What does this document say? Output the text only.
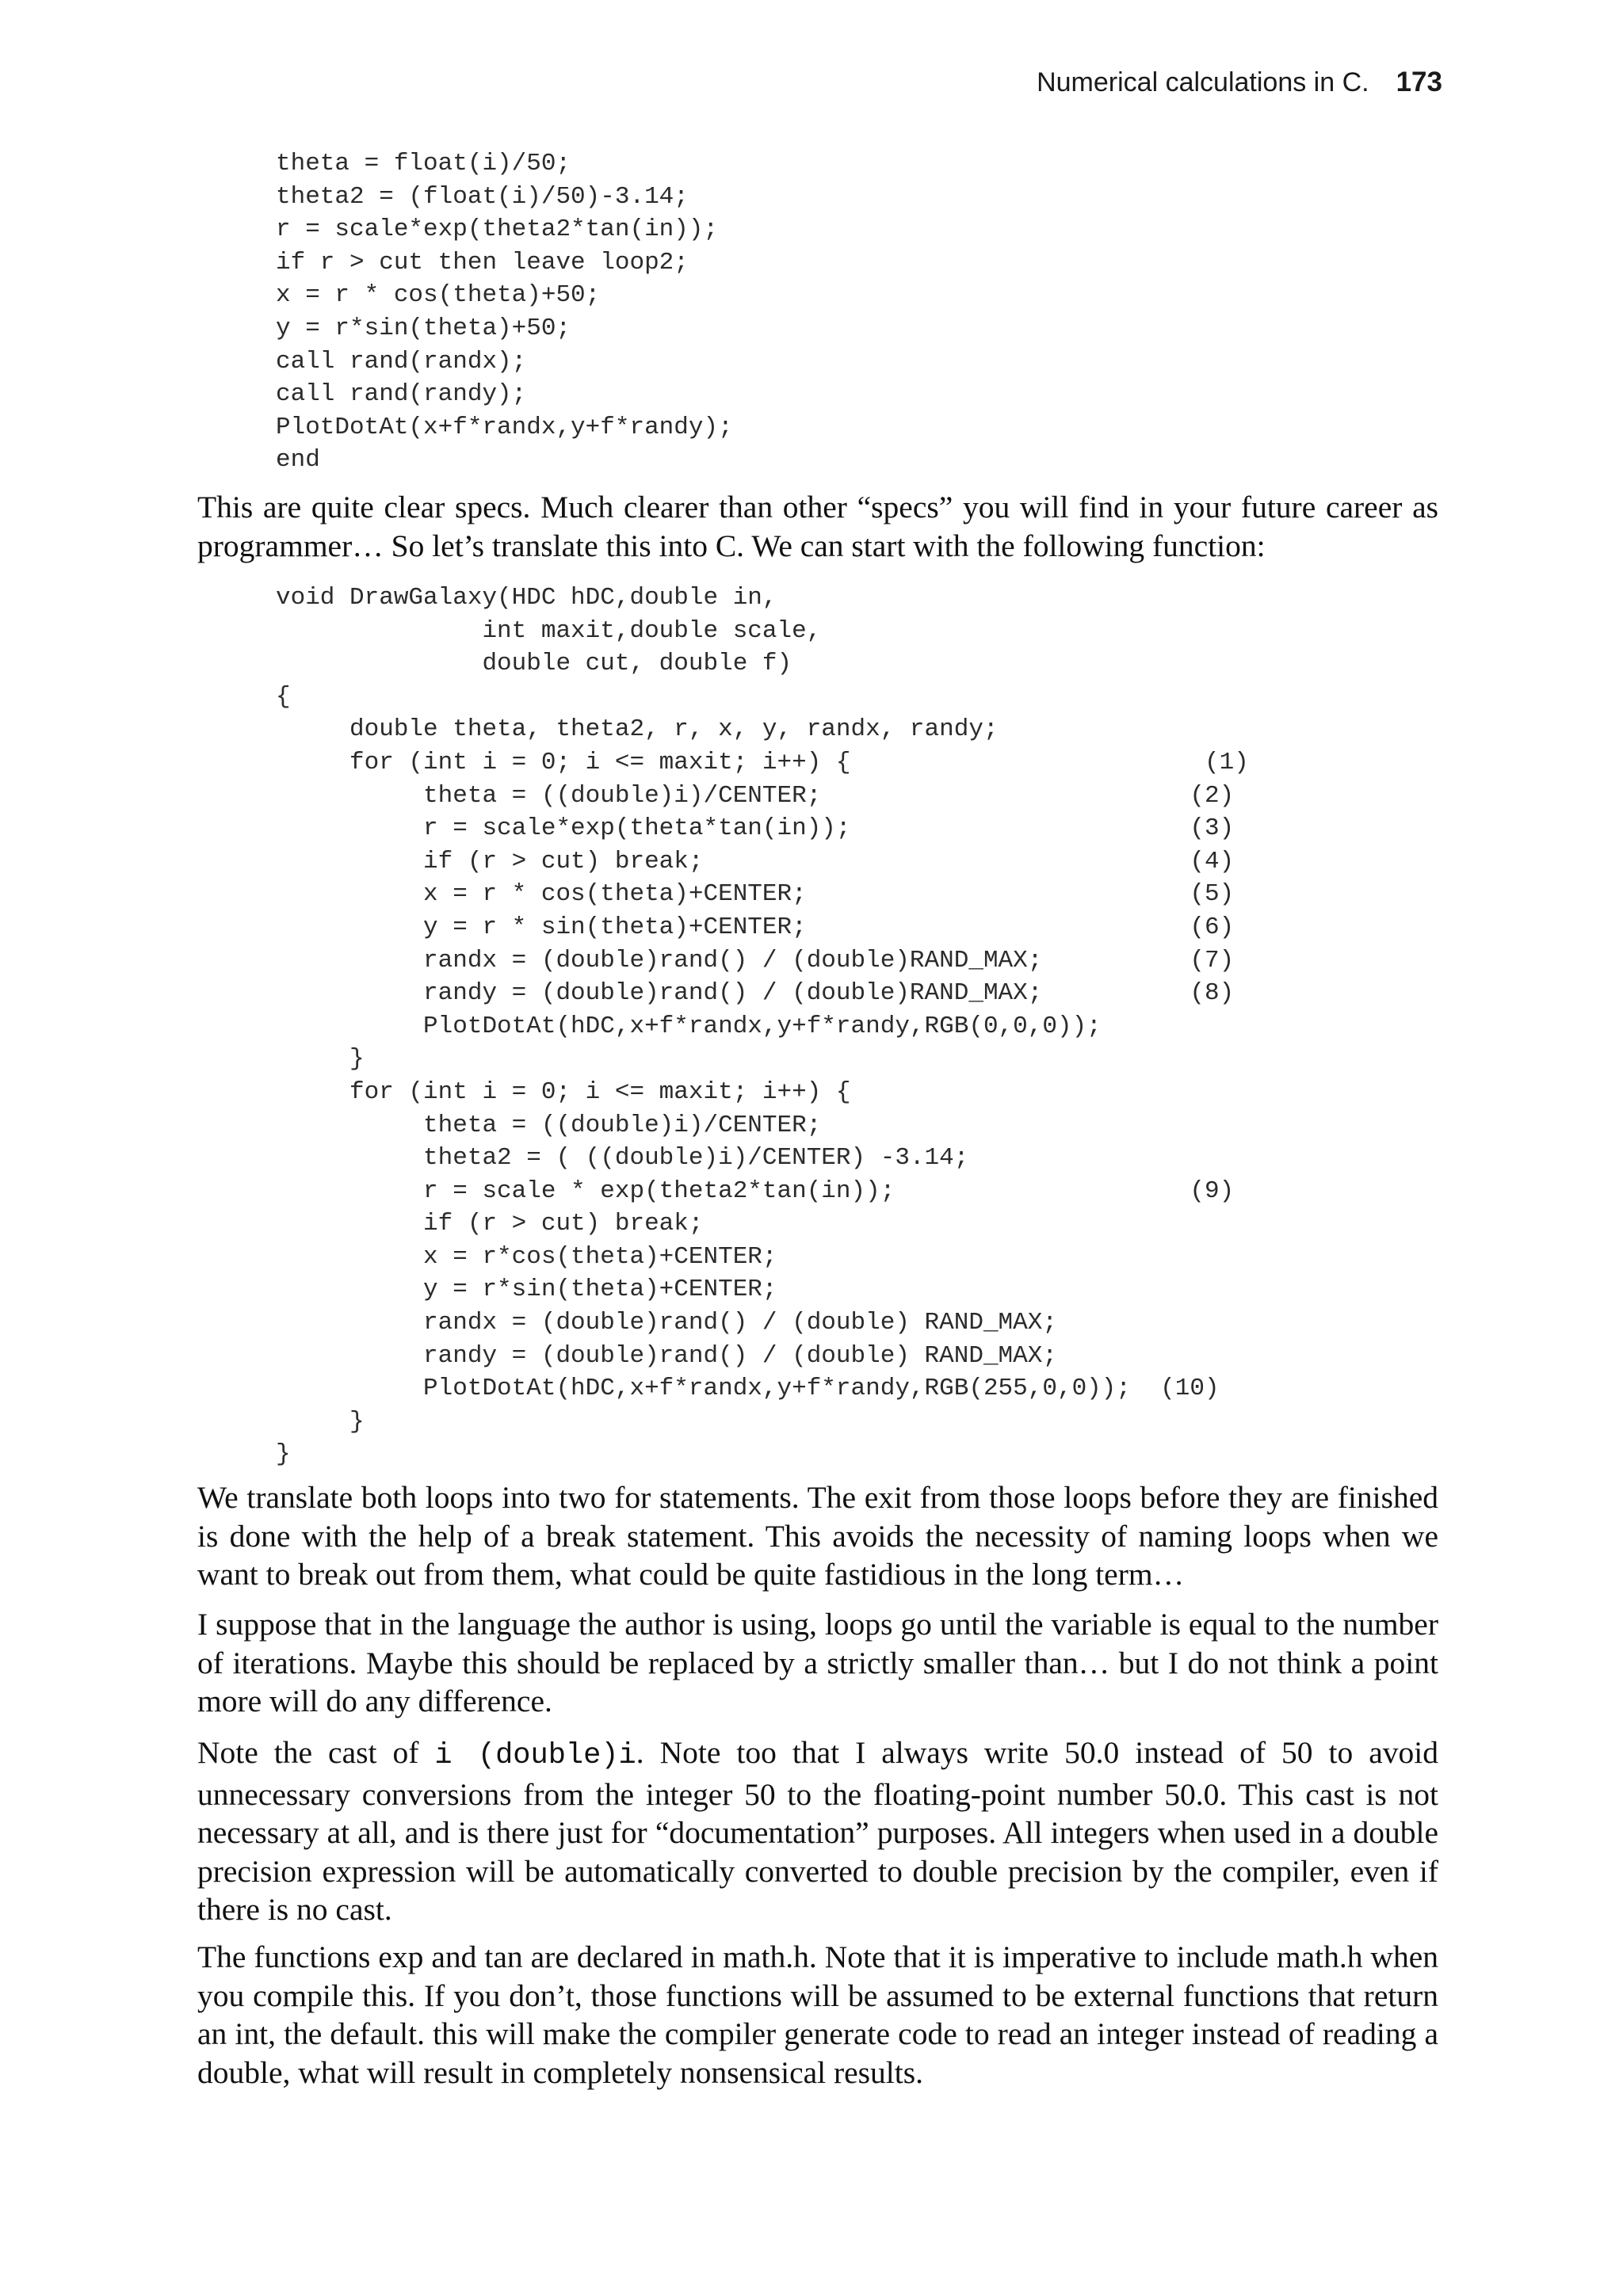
Numerical calculations in C. 173
theta = float(i)/50;
theta2 = (float(i)/50)-3.14;
r = scale*exp(theta2*tan(in));
if r > cut then leave loop2;
x = r * cos(theta)+50;
y = r*sin(theta)+50;
call rand(randx);
call rand(randy);
PlotDotAt(x+f*randx,y+f*randy);
end

This are quite clear specs. Much clearer than other “specs” you will find in your future career as programmer… So let’s translate this into C. We can start with the following function:

void DrawGalaxy(HDC hDC,double in,
int maxit,double scale,
double cut, double f)
{
double theta, theta2, r, x, y, randx, randy;
for (int i = 0; i <= maxit; i++) {                        (1)
theta = ((double)i)/CENTER;                         (2)
r = scale*exp(theta*tan(in));                       (3)
if (r > cut) break;                                 (4)
x = r * cos(theta)+CENTER;                          (5)
y = r * sin(theta)+CENTER;                          (6)
randx = (double)rand() / (double)RAND_MAX;          (7)
randy = (double)rand() / (double)RAND_MAX;          (8)
PlotDotAt(hDC,x+f*randx,y+f*randy,RGB(0,0,0));
}
for (int i = 0; i <= maxit; i++) {
theta = ((double)i)/CENTER;
theta2 = ( ((double)i)/CENTER) -3.14;
r = scale * exp(theta2*tan(in));                    (9)
if (r > cut) break;
x = r*cos(theta)+CENTER;
y = r*sin(theta)+CENTER;
randx = (double)rand() / (double) RAND_MAX;
randy = (double)rand() / (double) RAND_MAX;
PlotDotAt(hDC,x+f*randx,y+f*randy,RGB(255,0,0));  (10)
}
}

We translate both loops into two for statements. The exit from those loops before they are finished is done with the help of a break statement. This avoids the necessity of naming loops when we want to break out from them, what could be quite fastidious in the long term…

I suppose that in the language the author is using, loops go until the variable is equal to the number of iterations. Maybe this should be replaced by a strictly smaller than… but I do not think a point more will do any difference.

Note the cast of i (double)i. Note too that I always write 50.0 instead of 50 to avoid unnecessary conversions from the integer 50 to the floating-point number 50.0. This cast is not necessary at all, and is there just for “documentation” purposes. All integers when used in a double precision expression will be automatically converted to double precision by the compiler, even if there is no cast.

The functions exp and tan are declared in math.h. Note that it is imperative to include math.h when you compile this. If you don’t, those functions will be assumed to be external functions that return an int, the default. this will make the compiler generate code to read an integer instead of reading a double, what will result in completely nonsensical results.
